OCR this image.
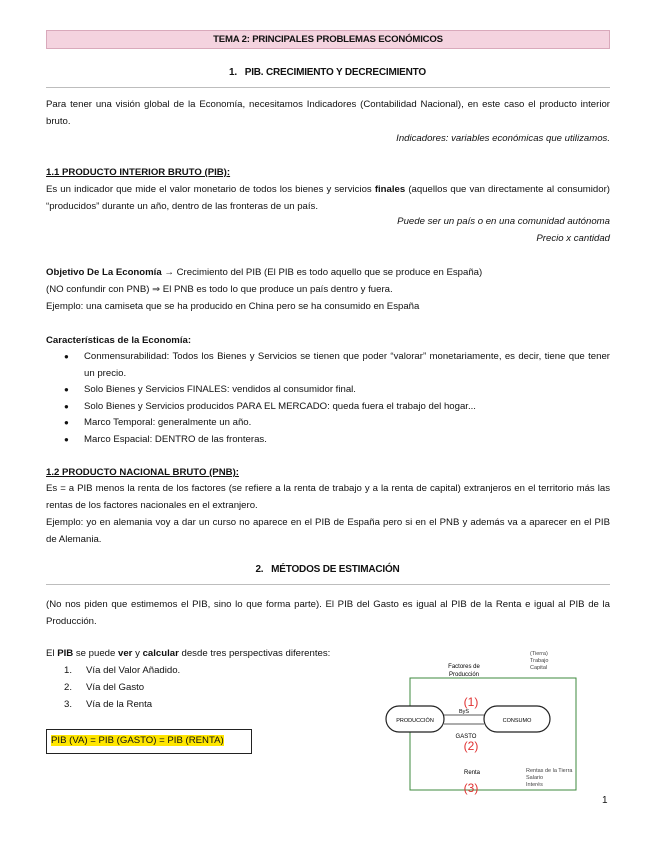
TEMA 2: PRINCIPALES PROBLEMAS ECONÓMICOS
1. PIB. CRECIMIENTO Y DECRECIMIENTO
Para tener una visión global de la Economía, necesitamos Indicadores (Contabilidad Nacional), en este caso el producto interior bruto.
Indicadores: variables económicas que utilizamos.
1.1 PRODUCTO INTERIOR BRUTO (PIB):
Es un indicador que mide el valor monetario de todos los bienes y servicios finales (aquellos que van directamente al consumidor) “producidos” durante un año, dentro de las fronteras de un país.
Puede ser un país o en una comunidad autónoma
Precio x cantidad
Objetivo De La Economía → Crecimiento del PIB (El PIB es todo aquello que se produce en España)
(NO confundir con PNB) ⇒ El PNB es todo lo que produce un país dentro y fuera.
Ejemplo: una camiseta que se ha producido en China pero se ha consumido en España
Características de la Economía:
● Conmensurabilidad: Todos los Bienes y Servicios se tienen que poder “valorar” monetariamente, es decir, tiene que tener un precio.
● Solo Bienes y Servicios FINALES: vendidos al consumidor final.
● Solo Bienes y Servicios producidos PARA EL MERCADO: queda fuera el trabajo del hogar...
● Marco Temporal: generalmente un año.
● Marco Espacial: DENTRO de las fronteras.
1.2 PRODUCTO NACIONAL BRUTO (PNB):
Es = a PIB menos la renta de los factores (se refiere a la renta de trabajo y a la renta de capital) extranjeros en el territorio más las rentas de los factores nacionales en el extranjero.
Ejemplo: yo en alemania voy a dar un curso no aparece en el PIB de España pero si en el PNB y además va a aparecer en el PIB de Alemania.
2. MÉTODOS DE ESTIMACIÓN
(No nos piden que estimemos el PIB, sino lo que forma parte). El PIB del Gasto es igual al PIB de la Renta e igual al PIB de la Producción.
El PIB se puede ver y calcular desde tres perspectivas diferentes:
1. Vía del Valor Añadido.
2. Vía del Gasto
3. Vía de la Renta
PIB (VA) = PIB (GASTO) = PIB (RENTA)
PRODUCCIÓN	CONSUMO
Factores de
Producción
(Tierra)
Trabajo
Capital
(1)
ByS
GASTO
(2)
Renta
(3)
Rentas de la Tierra
Salario
Interés
1
